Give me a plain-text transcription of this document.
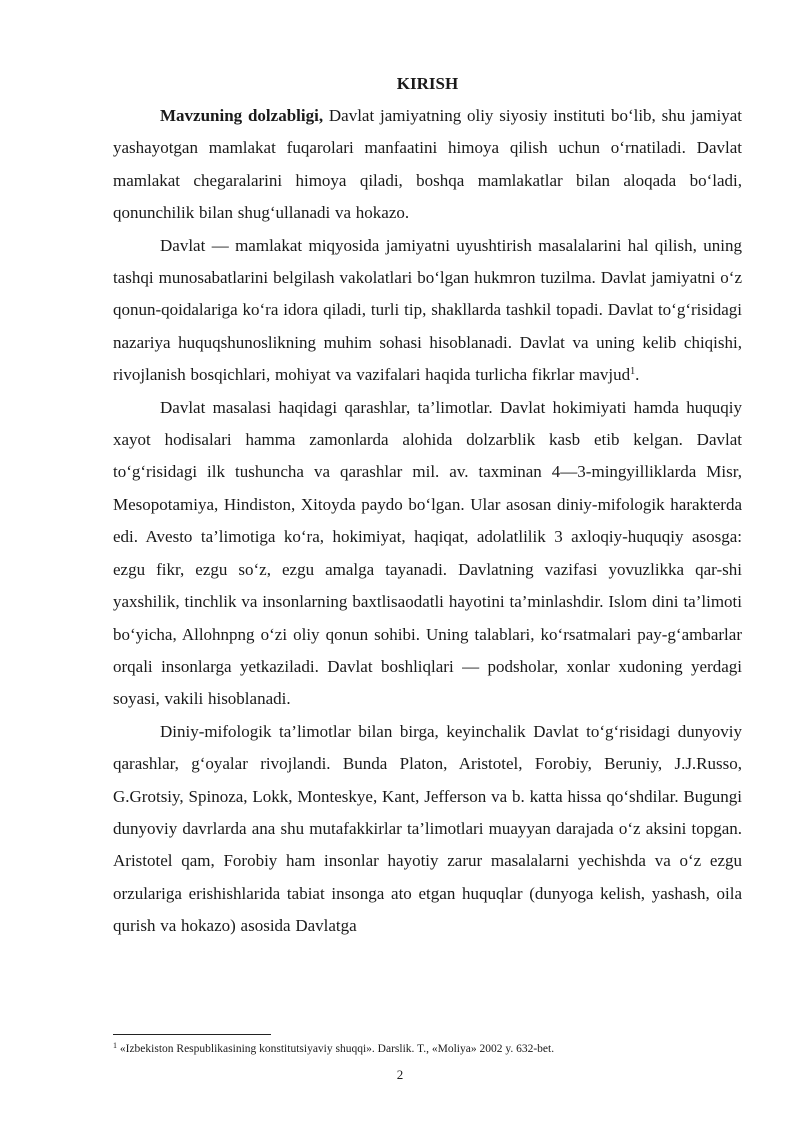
KIRISH

Mavzuning dolzabligi, Davlat jamiyatning oliy siyosiy instituti bo‘lib, shu jamiyat yashayotgan mamlakat fuqarolari manfaatini himoya qilish uchun o‘rnatiladi. Davlat mamlakat chegaralarini himoya qiladi, boshqa mamlakatlar bilan aloqada bo‘ladi, qonunchilik bilan shug‘ullanadi va hokazo.

Davlat — mamlakat miqyosida jamiyatni uyushtirish masalalarini hal qilish, uning tashqi munosabatlarini belgilash vakolatlari bo‘lgan hukmron tuzilma. Davlat jamiyatni o‘z qonun-qoidalariga ko‘ra idora qiladi, turli tip, shakllarda tashkil topadi. Davlat to‘g‘risidagi nazariya huquqshunoslikning muhim sohasi hisoblanadi. Davlat va uning kelib chiqishi, rivojlanish bosqichlari, mohiyat va vazifalari haqida turlicha fikrlar mavjud$^1$.

Davlat masalasi haqidagi qarashlar, ta’limotlar. Davlat hokimiyati hamda huquqiy xayot hodisalari hamma zamonlarda alohida dolzarblik kasb etib kelgan. Davlat to‘g‘risidagi ilk tushuncha va qarashlar mil. av. taxminan 4—3-mingyilliklarda Misr, Mesopotamiya, Hindiston, Xitoyda paydo bo‘lgan. Ular asosan diniy-mifologik harakterda edi. Avesto ta’limotiga ko‘ra, hokimiyat, haqiqat, adolatlilik 3 axloqiy-huquqiy asosga: ezgu fikr, ezgu so‘z, ezgu amalga tayanadi. Davlatning vazifasi yovuzlikka qar-shi yaxshilik, tinchlik va insonlarning baxtlisaodatli hayotini ta’minlashdir. Islom dini ta’limoti bo‘yicha, Allohnpng o‘zi oliy qonun sohibi. Uning talablari, ko‘rsatmalari pay-g‘ambarlar orqali insonlarga yetkaziladi. Davlat boshliqlari — podsholar, xonlar xudoning yerdagi soyasi, vakili hisoblanadi.

Diniy-mifologik ta’limotlar bilan birga, keyinchalik Davlat to‘g‘risidagi dunyoviy qarashlar, g‘oyalar rivojlandi. Bunda Platon, Aristotel, Forobiy, Beruniy, J.J.Russo, G.Grotsiy, Spinoza, Lokk, Monteskye, Kant, Jefferson va b. katta hissa qo‘shdilar. Bugungi dunyoviy davrlarda ana shu mutafakkirlar ta’limotlari muayyan darajada o‘z aksini topgan. Aristotel qam, Forobiy ham insonlar hayotiy zarur masalalarni yechishda va o‘z ezgu orzulariga erishishlarida tabiat insonga ato etgan huquqlar (dunyoga kelish, yashash, oila qurish va hokazo) asosida Davlatga

$^1$ «Izbekiston Respublikasining konstitutsiyaviy shuqqi». Darslik. T., «Moliya» 2002 y. 632-bet.

2
